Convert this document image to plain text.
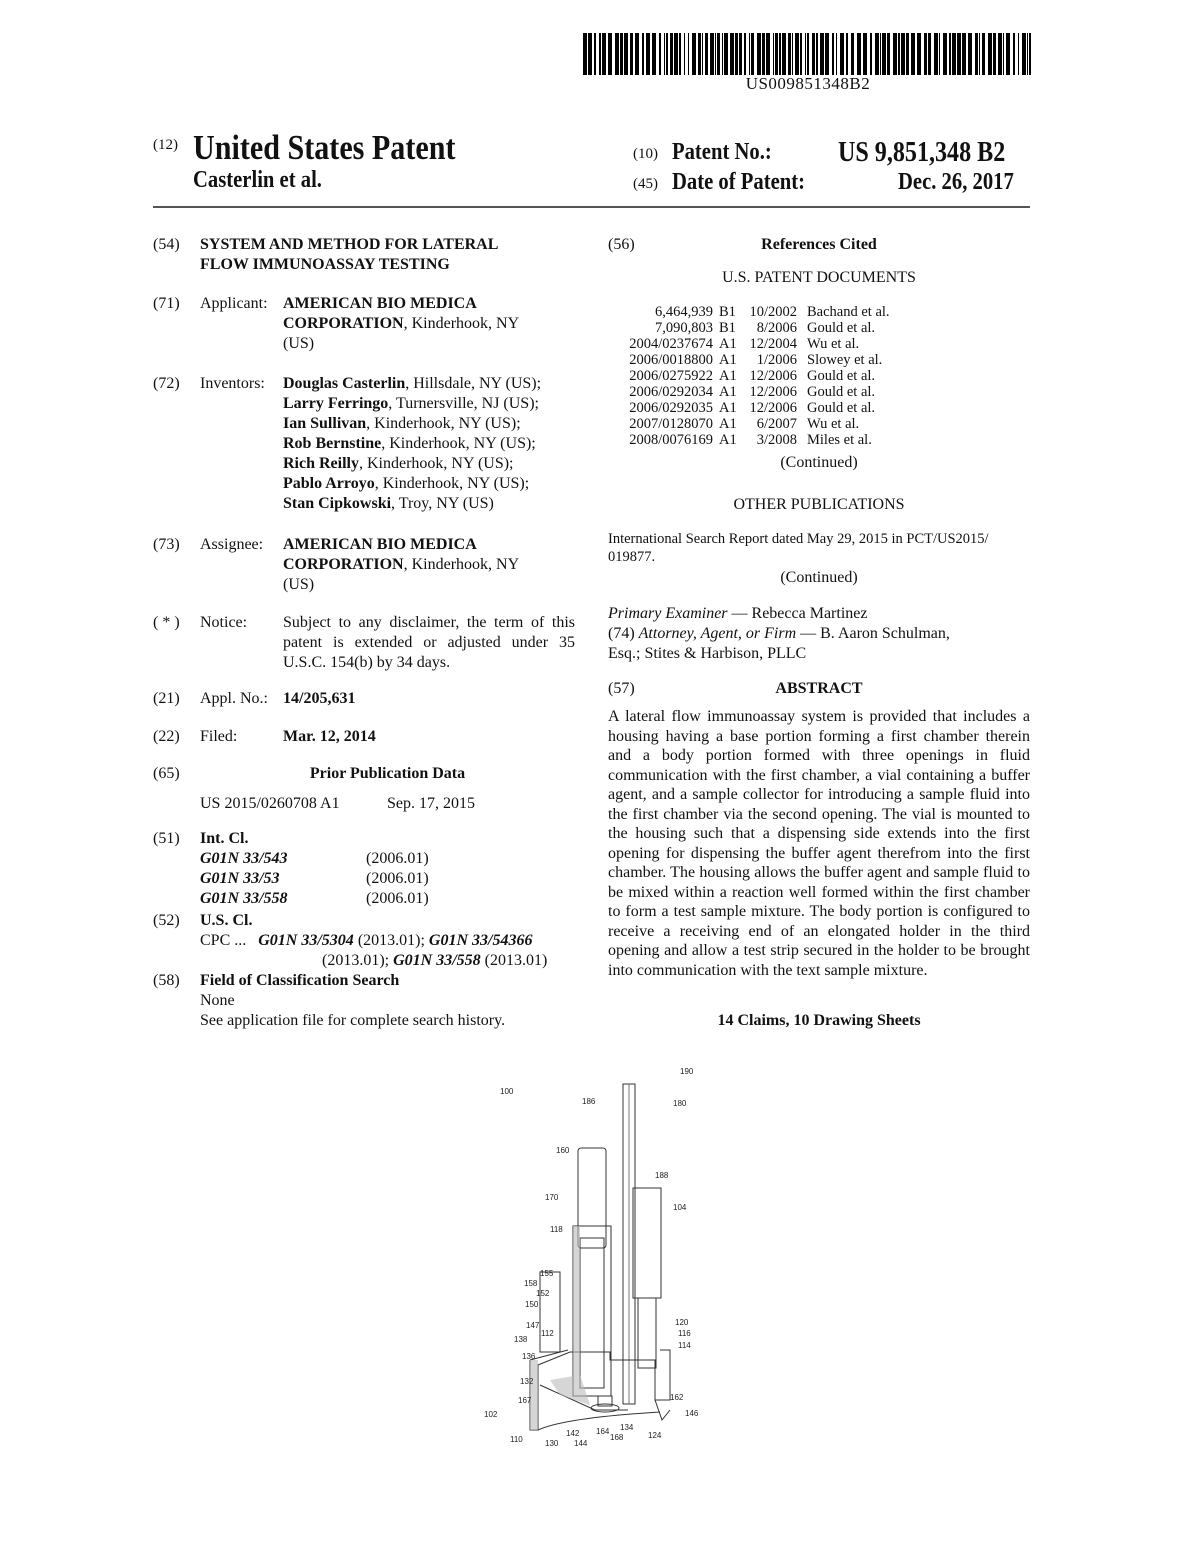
US009851348B2
(12) United States Patent
Casterlin et al.
(10) Patent No.: US 9,851,348 B2
(45) Date of Patent:	Dec. 26, 2017
(54) SYSTEM AND METHOD FOR LATERAL
FLOW IMMUNOASSAY TESTING
(71) Applicant: AMERICAN BIO MEDICA
CORPORATION, Kinderhook, NY
(US)
(72) Inventors: Douglas Casterlin, Hillsdale, NY (US);
Larry Ferringo, Turnersville, NJ (US);
Ian Sullivan, Kinderhook, NY (US);
Rob Bernstine, Kinderhook, NY (US);
Rich Reilly, Kinderhook, NY (US);
Pablo Arroyo, Kinderhook, NY (US);
Stan Cipkowski, Troy, NY (US)
(73) Assignee: AMERICAN BIO MEDICA
CORPORATION, Kinderhook, NY
(US)
( * ) Notice: Subject to any disclaimer, the term of this
patent is extended or adjusted under 35
U.S.C. 154(b) by 34 days.
(21) Appl. No.: 14/205,631
(22) Filed:	Mar. 12, 2014
(65)	Prior Publication Data
US 2015/0260708 A1	Sep. 17, 2015
(51) Int. Cl.
G01N 33/543	(2006.01)
G01N 33/53	(2006.01)
G01N 33/558	(2006.01)
(52) U.S. Cl.
CPC ... G01N 33/5304 (2013.01); G01N 33/54366
(2013.01); G01N 33/558 (2013.01)
(58) Field of Classification Search
None
See application file for complete search history.
(56)	References Cited
U.S. PATENT DOCUMENTS
6,464,939	B1	10/2002	Bachand et al.
7,090,803	B1	8/2006	Gould et al.
2004/0237674	A1	12/2004	Wu et al.
2006/0018800	A1	1/2006	Slowey et al.
2006/0275922	A1	12/2006	Gould et al.
2006/0292034	A1	12/2006	Gould et al.
2006/0292035	A1	12/2006	Gould et al.
2007/0128070	A1	6/2007	Wu et al.
2008/0076169	A1	3/2008	Miles et al.
(Continued)
OTHER PUBLICATIONS
International Search Report dated May 29, 2015 in PCT/US2015/
019877.
(Continued)
Primary Examiner — Rebecca Martinez
(74) Attorney, Agent, or Firm — B. Aaron Schulman,
Esq.; Stites & Harbison, PLLC
(57)	ABSTRACT
A lateral flow immunoassay system is provided that includes a housing having a base portion forming a first chamber therein and a body portion formed with three openings in fluid communication with the first chamber, a vial containing a buffer agent, and a sample collector for introducing a sample fluid into the first chamber via the second opening. The vial is mounted to the housing such that a dispensing side extends into the first opening for dispensing the buffer agent therefrom into the first chamber. The housing allows the buffer agent and sample fluid to be mixed within a reaction well formed within the first chamber to form a test sample mixture. The body portion is configured to receive a receiving end of an elongated holder in the third opening and allow a test strip secured in the holder to be brought into communication with the text sample mixture.
14 Claims, 10 Drawing Sheets
100
190
186	180
160
188
170
104
118
155
158
152
150
147
112
138
136
132
167
102
110	130
142
144
164
168
134
124
120
116
114
162
146
